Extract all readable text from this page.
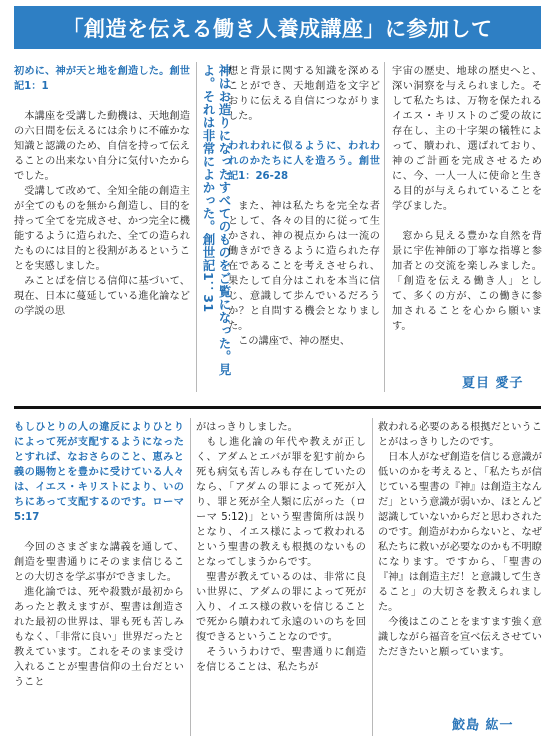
「創造を伝える働き人養成講座」に参加して

初めに、神が天と地を創造した。創世記1：1

本講座を受講した動機は、天地創造の六日間を伝えるには余りに不確かな知識と認識のため、自信を持って伝えることの出来ない自分に気付いたからでした。

受講して改めて、全知全能の創造主が全てのものを無から創造し、目的を持って全てを完成させ、かつ完全に機能するように造られた、全ての造られたものには目的と役割があるということを実感しました。

みことばを信じる信仰に基づいて、現在、日本に蔓延している進化論などの学説の思	神はお造りになったすべてのものをご覧になった。見よ。それは非常によかった。創世記1：31	想と背景に関する知識を深めることができ、天地創造を文字どおりに伝える自信につながりました。

われわれに似るように、われわれのかたちに人を造ろう。創世記1：26-28

また、神は私たちを完全な者として、各々の目的に従って生かされ、神の視点からは一流の働きができるように造られた存在であることを考えさせられ、果たして自分はこれを本当に信じ、意識して歩んでいるだろうか？と自問する機会となりました。

この講座で、神の歴史、

宇宙の歴史、地球の歴史へと、深い洞察を与えられました。そして私たちは、万物を保たれるイエス・キリストのご愛の故に存在し、主の十字架の犠牲によって、贖われ、選ばれており、神のご計画を完成させるために、今、一人一人に使命と生きる目的が与えられていることを学びました。

窓から見える豊かな自然を背景に宇佐神師の丁寧な指導と参加者との交流を楽しみました。「創造を伝える働き人」として、多くの方が、この働きに参加されることを心から願います。

夏目 愛子

もしひとりの人の違反によりひとりによって死が支配するようになったとすれば、なおさらのこと、恵みと義の賜物とを豊かに受けている人々は、イエス・キリストにより、いのちにあって支配するのです。ローマ 5:17

今回のさまざまな講義を通して、創造を聖書通りにそのまま信じることの大切さを学ぶ事ができました。

進化論では、死や殺戮が最初からあったと教えますが、聖書は創造された最初の世界は、罪も死も苦しみもなく、「非常に良い」世界だったと教えています。これをそのまま受け入れることが聖書信仰の土台だということ

がはっきりしました。

もし進化論の年代や教えが正しく、アダムとエバが罪を犯す前から死も病気も苦しみも存在していたのなら、「アダムの罪によって死が入り、罪と死が全人類に広がった（ローマ 5:12)」という聖書箇所は誤りとなり、イエス様によって救われるという聖書の教えも根拠のないものとなってしまうからです。

聖書が教えているのは、非常に良い世界に、アダムの罪によって死が入り、イエス様の救いを信じることで死から贖われて永遠のいのちを回復できるということなのです。

そういうわけで、聖書通りに創造を信じることは、私たちが

救われる必要のある根拠だということがはっきりしたのです。

日本人がなぜ創造を信じる意識が低いのかを考えると、「私たちが信じている聖書の『神』は創造主なんだ」という意識が弱いか、ほとんど認識していないからだと思わされたのです。創造がわからないと、なぜ私たちに救いが必要なのかも不明瞭になります。ですから、「聖書の『神』は創造主だ！と意識して生きること」の大切さを教えられました。

今後はこのことをますます強く意識しながら福音を宣べ伝えさせていただきたいと願っています。

鮫島 紘一
